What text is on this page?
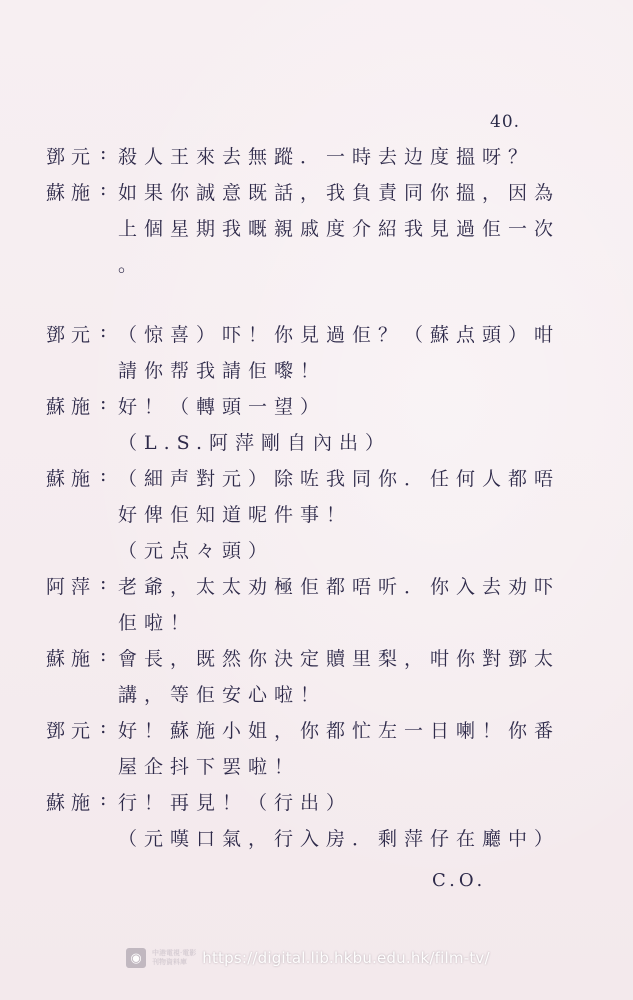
40.
鄧元 : 殺人王來去無蹤．一時去边度搵呀？
蘇施 : 如果你誠意既話，我負責同你搵，因為
上個星期我嘅親戚度介紹我見過佢一次
。
鄧元 : （惊喜）吓！你見過佢？（蘇点頭）咁
請你帮我請佢嚟！
蘇施 : 好！（轉頭一望）
（L.S.阿萍剛自內出）
蘇施 : （細声對元）除咗我同你．任何人都唔
好俾佢知道呢件事！
（元点々頭）
阿萍 : 老爺，太太劝極佢都唔听．你入去劝吓
佢啦！
蘇施 : 會長，既然你決定贖里梨，咁你對鄧太
講，等佢安心啦！
鄧元 : 好！蘇施小姐，你都忙左一日喇！你番
屋企抖下罢啦！
蘇施 : 行！再見！（行出）
（元嘆口氣，行入房．剩萍仔在廳中）
C.O.
◉	中港電視·電影
刊物資料庫	https://digital.lib.hkbu.edu.hk/film-tv/
